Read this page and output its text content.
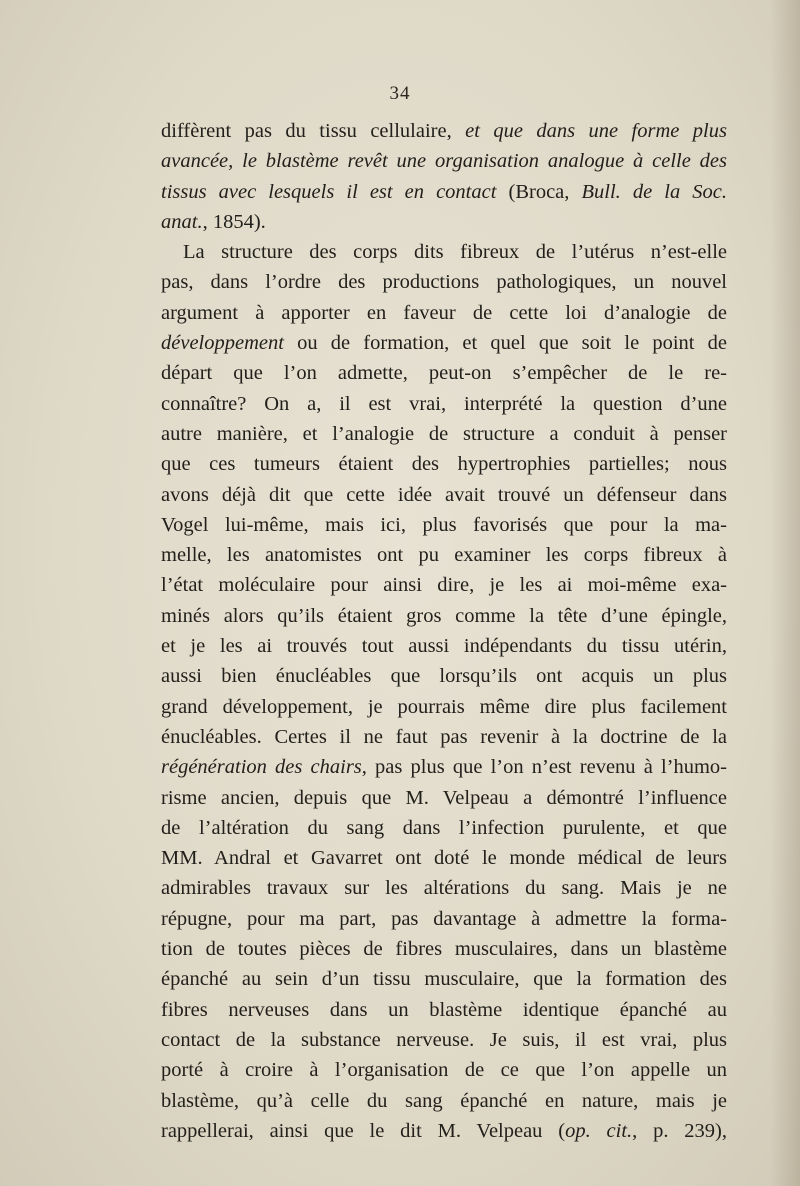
34
diffèrent pas du tissu cellulaire, et que dans une forme plus
avancée, le blastème revêt une organisation analogue à celle des
tissus avec lesquels il est en contact (Broca, Bull. de la Soc.
anat., 1854).
La structure des corps dits fibreux de l’utérus n’est-elle
pas, dans l’ordre des productions pathologiques, un nouvel
argument à apporter en faveur de cette loi d’analogie de
développement ou de formation, et quel que soit le point de
départ que l’on admette, peut-on s’empêcher de le re-
connaître? On a, il est vrai, interprété la question d’une
autre manière, et l’analogie de structure a conduit à penser
que ces tumeurs étaient des hypertrophies partielles; nous
avons déjà dit que cette idée avait trouvé un défenseur dans
Vogel lui-même, mais ici, plus favorisés que pour la ma-
melle, les anatomistes ont pu examiner les corps fibreux à
l’état moléculaire pour ainsi dire, je les ai moi-même exa-
minés alors qu’ils étaient gros comme la tête d’une épingle,
et je les ai trouvés tout aussi indépendants du tissu utérin,
aussi bien énucléables que lorsqu’ils ont acquis un plus
grand développement, je pourrais même dire plus facilement
énucléables. Certes il ne faut pas revenir à la doctrine de la
régénération des chairs, pas plus que l’on n’est revenu à l’humo-
risme ancien, depuis que M. Velpeau a démontré l’influence
de l’altération du sang dans l’infection purulente, et que
MM. Andral et Gavarret ont doté le monde médical de leurs
admirables travaux sur les altérations du sang. Mais je ne
répugne, pour ma part, pas davantage à admettre la forma-
tion de toutes pièces de fibres musculaires, dans un blastème
épanché au sein d’un tissu musculaire, que la formation des
fibres nerveuses dans un blastème identique épanché au
contact de la substance nerveuse. Je suis, il est vrai, plus
porté à croire à l’organisation de ce que l’on appelle un
blastème, qu’à celle du sang épanché en nature, mais je
rappellerai, ainsi que le dit M. Velpeau (op. cit., p. 239),
